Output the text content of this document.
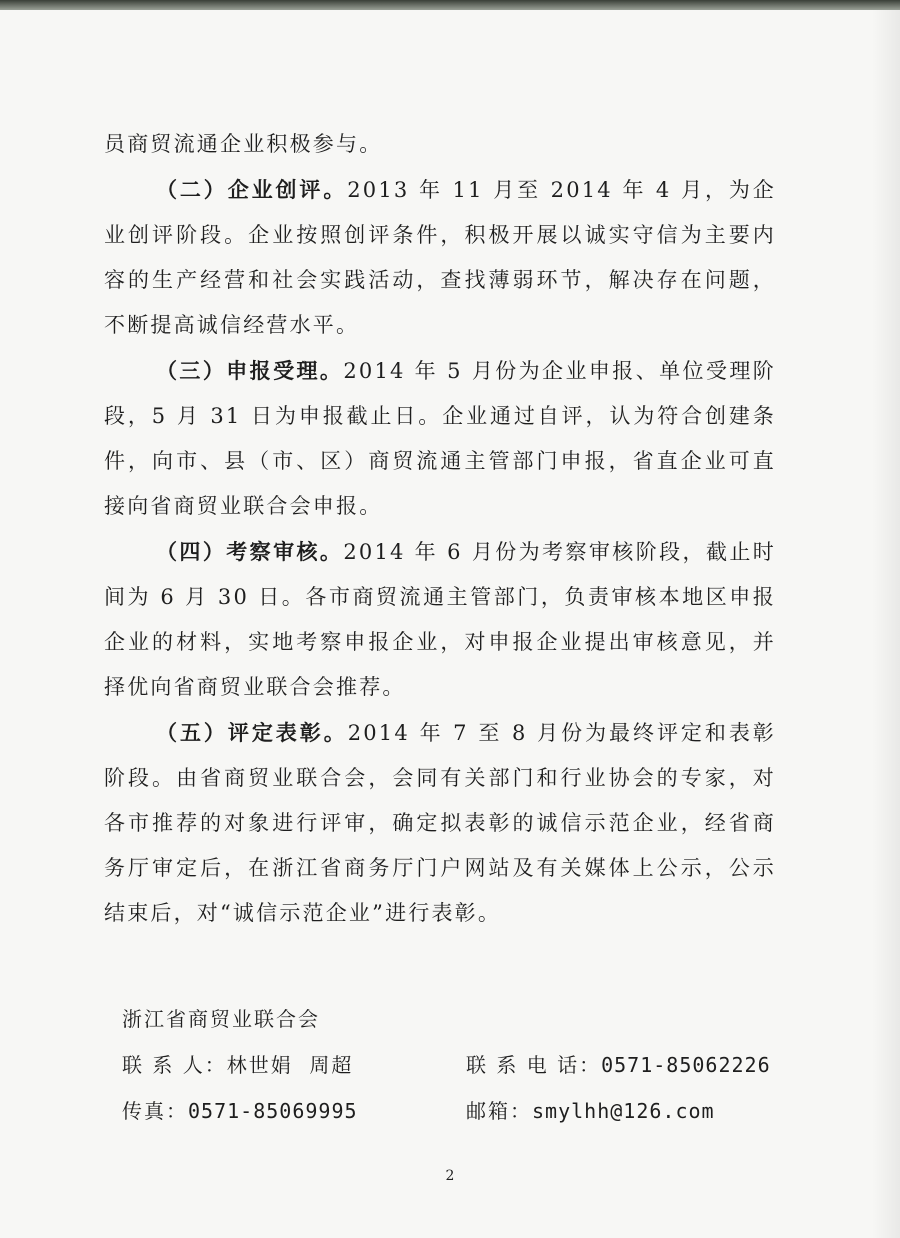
员商贸流通企业积极参与。

（二）企业创评。2013 年 11 月至 2014 年 4 月，为企业创评阶段。企业按照创评条件，积极开展以诚实守信为主要内容的生产经营和社会实践活动，查找薄弱环节，解决存在问题，不断提高诚信经营水平。

（三）申报受理。2014 年 5 月份为企业申报、单位受理阶段，5 月 31 日为申报截止日。企业通过自评，认为符合创建条件，向市、县（市、区）商贸流通主管部门申报，省直企业可直接向省商贸业联合会申报。

（四）考察审核。2014 年 6 月份为考察审核阶段，截止时间为 6 月 30 日。各市商贸流通主管部门，负责审核本地区申报企业的材料，实地考察申报企业，对申报企业提出审核意见，并择优向省商贸业联合会推荐。

（五）评定表彰。2014 年 7 至 8 月份为最终评定和表彰阶段。由省商贸业联合会，会同有关部门和行业协会的专家，对各市推荐的对象进行评审，确定拟表彰的诚信示范企业，经省商务厅审定后，在浙江省商务厅门户网站及有关媒体上公示，公示结束后，对“诚信示范企业”进行表彰。

浙江省商贸业联合会
联 系 人：林世娟  周超	联 系 电 话：0571-85062226
传真：0571-85069995	邮箱：smylhh@126.com
2
